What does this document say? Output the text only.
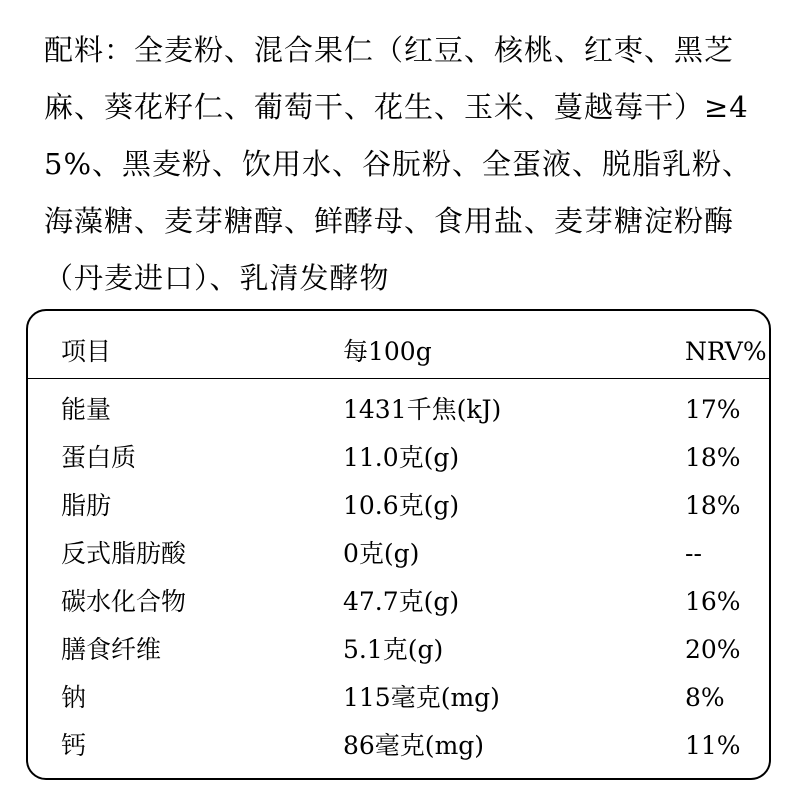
配料：全麦粉、混合果仁（红豆、核桃、红枣、黑芝麻、葵花籽仁、葡萄干、花生、玉米、蔓越莓干）≥45%、黑麦粉、饮用水、谷朊粉、全蛋液、脱脂乳粉、海藻糖、麦芽糖醇、鲜酵母、食用盐、麦芽糖淀粉酶（丹麦进口）、乳清发酵物

项目	每100g	NRV%
能量	1431千焦(kJ)	17%
蛋白质	11.0克(g)	18%
脂肪	10.6克(g)	18%
反式脂肪酸	0克(g)	--
碳水化合物	47.7克(g)	16%
膳食纤维	5.1克(g)	20%
钠	115毫克(mg)	8%
钙	86毫克(mg)	11%
